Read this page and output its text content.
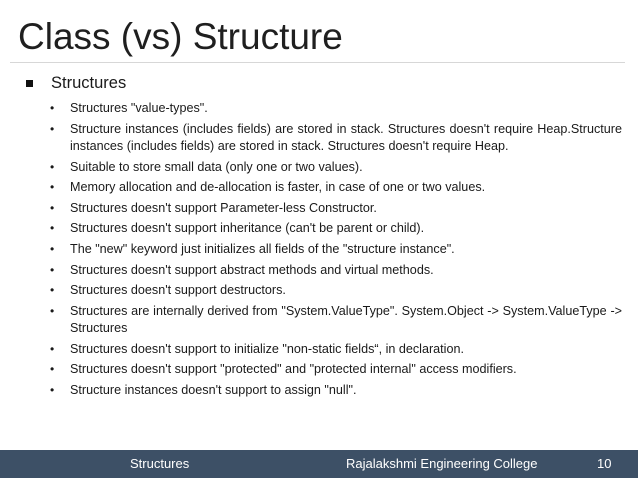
Class (vs) Structure
Structures
• Structures "value-types".
• Structure instances (includes fields) are stored in stack. Structures doesn't require Heap.Structure instances (includes fields) are stored in stack. Structures doesn't require Heap.
• Suitable to store small data (only one or two values).
• Memory allocation and de-allocation is faster, in case of one or two values.
• Structures doesn't support Parameter-less Constructor.
• Structures doesn't support inheritance (can't be parent or child).
• The "new" keyword just initializes all fields of the "structure instance".
• Structures doesn't support abstract methods and virtual methods.
• Structures doesn't support destructors.
• Structures are internally derived from "System.ValueType". System.Object -> System.ValueType -> Structures
• Structures doesn't support to initialize "non-static fields“, in declaration.
• Structures doesn't support "protected" and "protected internal" access modifiers.
• Structure instances doesn't support to assign "null".
Structures	Rajalakshmi Engineering College	10
